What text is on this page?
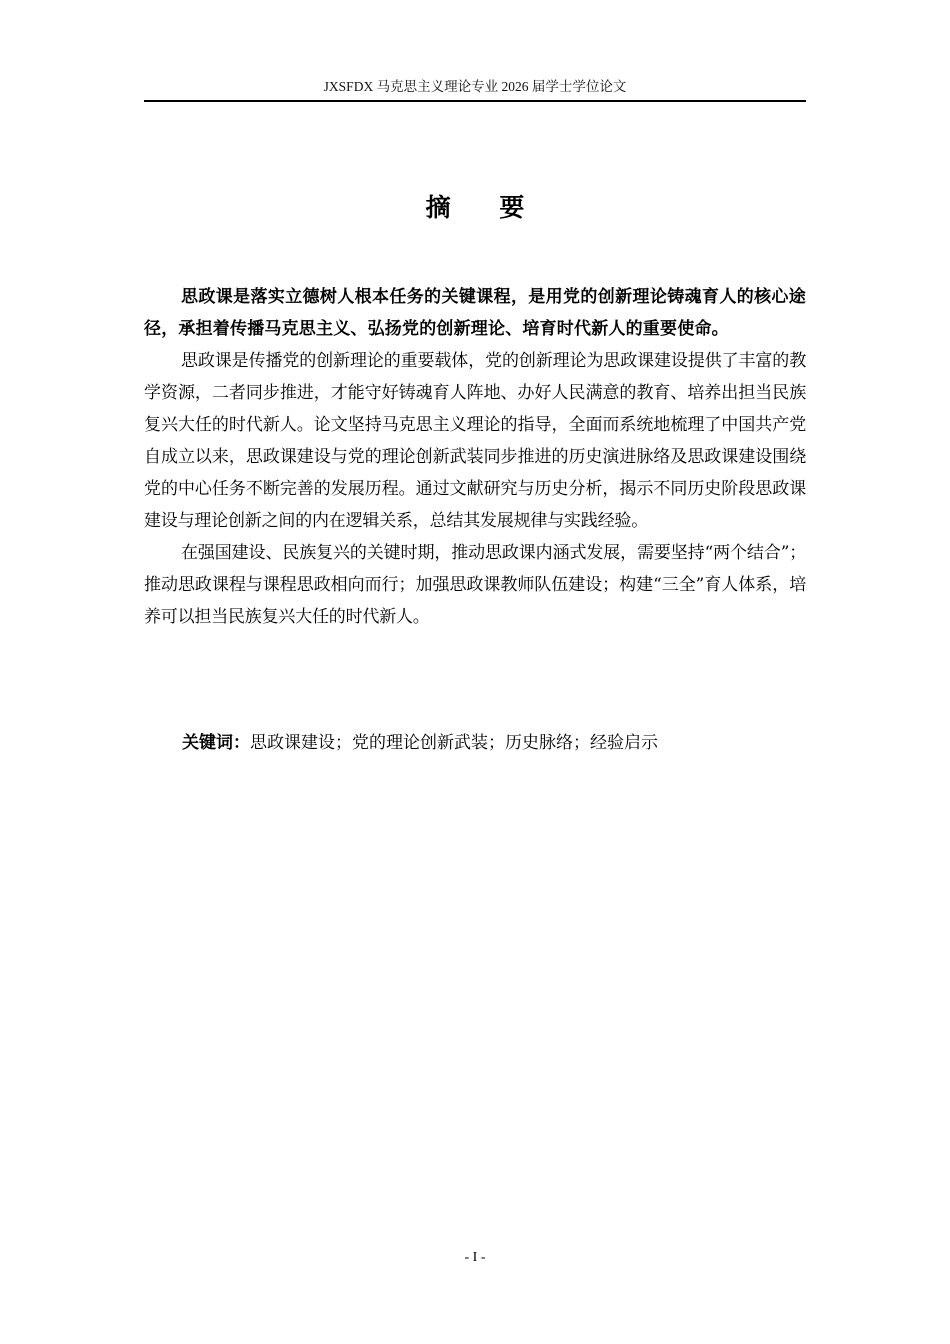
JXSFDX 马克思主义理论专业 2026 届学士学位论文
摘 要

思政课是落实立德树人根本任务的关键课程，是用党的创新理论铸魂育人的核心途径，承担着传播马克思主义、弘扬党的创新理论、培育时代新人的重要使命。

思政课是传播党的创新理论的重要载体，党的创新理论为思政课建设提供了丰富的教学资源，二者同步推进，才能守好铸魂育人阵地、办好人民满意的教育、培养出担当民族复兴大任的时代新人。论文坚持马克思主义理论的指导，全面而系统地梳理了中国共产党自成立以来，思政课建设与党的理论创新武装同步推进的历史演进脉络及思政课建设围绕党的中心任务不断完善的发展历程。通过文献研究与历史分析，揭示不同历史阶段思政课建设与理论创新之间的内在逻辑关系，总结其发展规律与实践经验。

在强国建设、民族复兴的关键时期，推动思政课内涵式发展，需要坚持“两个结合”；推动思政课程与课程思政相向而行；加强思政课教师队伍建设；构建“三全”育人体系，培养可以担当民族复兴大任的时代新人。

关键词：思政课建设；党的理论创新武装；历史脉络；经验启示
- I -
